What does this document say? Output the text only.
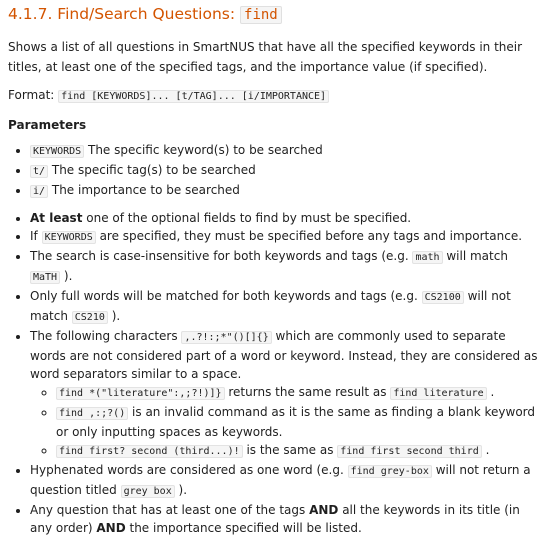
4.1.7. Find/Search Questions: find

Shows a list of all questions in SmartNUS that have all the specified keywords in their titles, at least one of the specified tags, and the importance value (if specified).

Format: find [KEYWORDS]... [t/TAG]... [i/IMPORTANCE]

Parameters

• KEYWORDS The specific keyword(s) to be searched
• t/ The specific tag(s) to be searched
• i/ The importance to be searched
• At least one of the optional fields to find by must be specified.
• If KEYWORDS are specified, they must be specified before any tags and importance.
• The search is case-insensitive for both keywords and tags (e.g. math will match MaTH ).
• Only full words will be matched for both keywords and tags (e.g. CS2100 will not match CS210 ).
• The following characters ,.?!:;*"()[]{} which are commonly used to separate words are not considered part of a word or keyword. Instead, they are considered as word separators similar to a space.
◦ find *("literature":,;?!)]} returns the same result as find literature .
◦ find ,:;?() is an invalid command as it is the same as finding a blank keyword or only inputting spaces as keywords.
◦ find first? second (third...)! is the same as find first second third .
• Hyphenated words are considered as one word (e.g. find grey-box will not return a question titled grey box ).
• Any question that has at least one of the tags AND all the keywords in its title (in any order) AND the importance specified will be listed.
